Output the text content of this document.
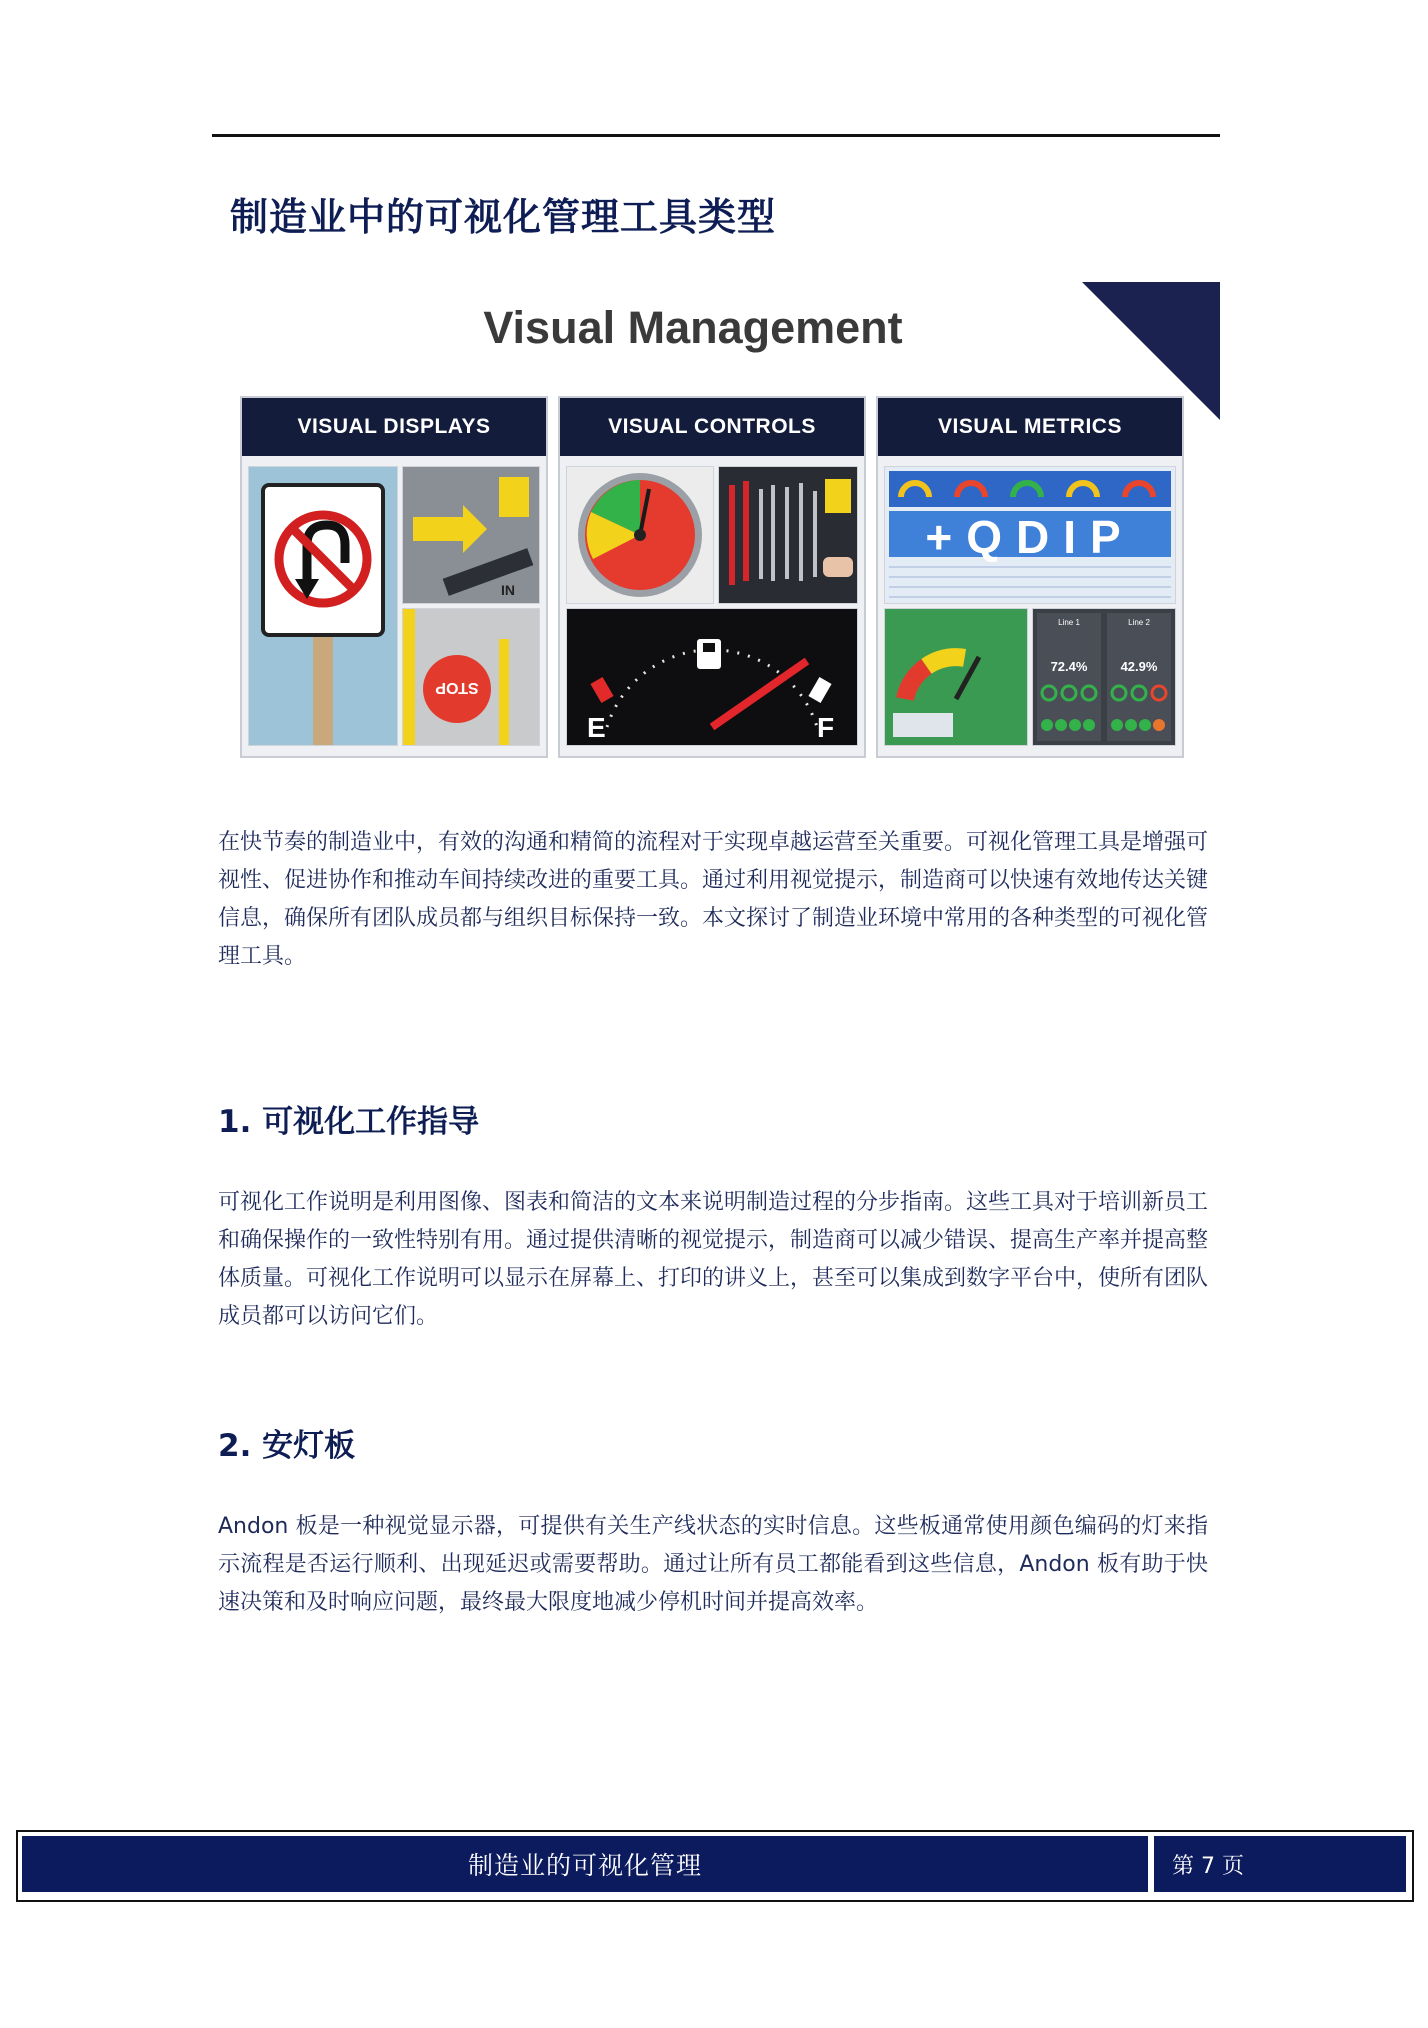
制造业中的可视化管理工具类型
Visual Management
VISUAL DISPLAYS
IN
STOP
VISUAL CONTROLS
E	F
VISUAL METRICS
+QDIP
Line 1	Line 2
72.4%	42.9%

在快节奏的制造业中，有效的沟通和精简的流程对于实现卓越运营至关重要。可视化管理工具是增强可视性、促进协作和推动车间持续改进的重要工具。通过利用视觉提示，制造商可以快速有效地传达关键信息，确保所有团队成员都与组织目标保持一致。本文探讨了制造业环境中常用的各种类型的可视化管理工具。

1. 可视化工作指导

可视化工作说明是利用图像、图表和简洁的文本来说明制造过程的分步指南。这些工具对于培训新员工和确保操作的一致性特别有用。通过提供清晰的视觉提示，制造商可以减少错误、提高生产率并提高整体质量。可视化工作说明可以显示在屏幕上、打印的讲义上，甚至可以集成到数字平台中，使所有团队成员都可以访问它们。

2. 安灯板

Andon 板是一种视觉显示器，可提供有关生产线状态的实时信息。这些板通常使用颜色编码的灯来指示流程是否运行顺利、出现延迟或需要帮助。通过让所有员工都能看到这些信息，Andon 板有助于快速决策和及时响应问题，最终最大限度地减少停机时间并提高效率。

制造业的可视化管理	第 7 页
